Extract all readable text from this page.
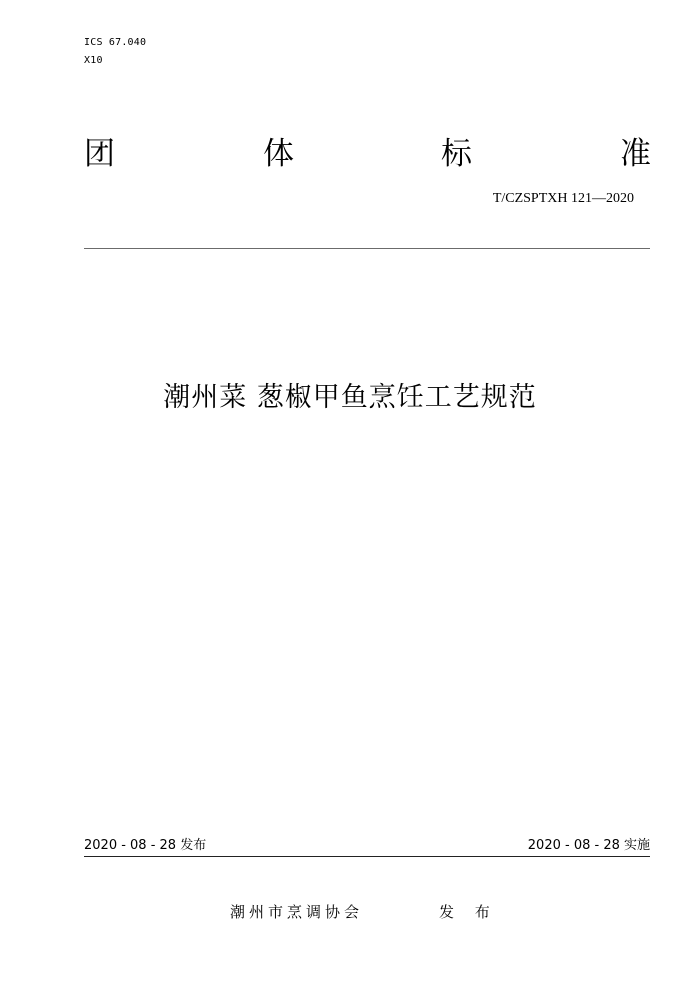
ICS 67.040
X10
团	体	标	准
T/CZSPTXH 121—2020
潮州菜 葱椒甲鱼烹饪工艺规范
2020 - 08 - 28 发布	2020 - 08 - 28 实施
潮州市烹调协会	发 布
